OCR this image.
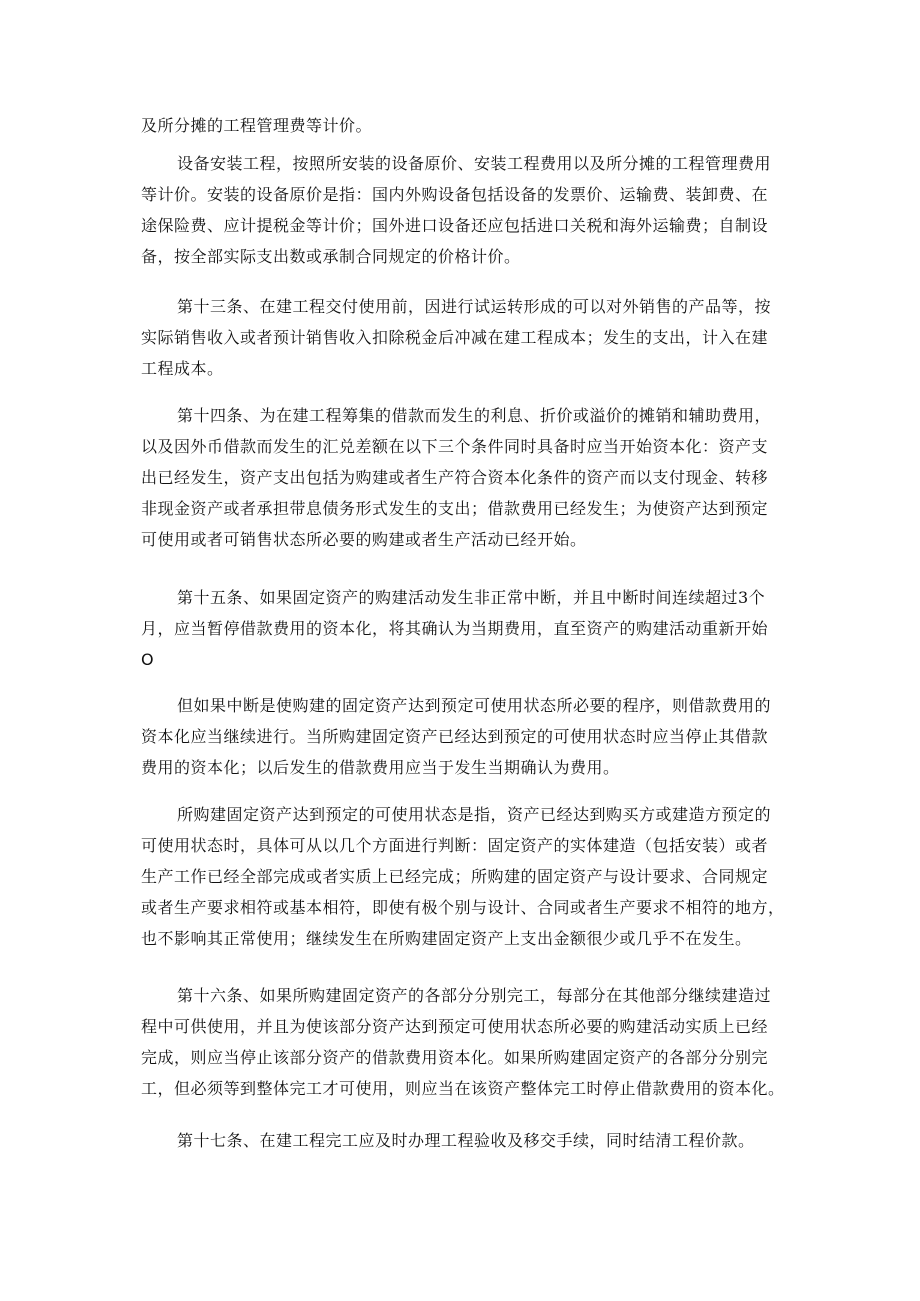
及所分摊的工程管理费等计价。

设备安装工程，按照所安装的设备原价、安装工程费用以及所分摊的工程管理费用
等计价。安装的设备原价是指：国内外购设备包括设备的发票价、运输费、装卸费、在
途保险费、应计提税金等计价；国外进口设备还应包括进口关税和海外运输费；自制设
备，按全部实际支出数或承制合同规定的价格计价。

第十三条、在建工程交付使用前，因进行试运转形成的可以对外销售的产品等，按
实际销售收入或者预计销售收入扣除税金后冲减在建工程成本；发生的支出，计入在建
工程成本。

第十四条、为在建工程筹集的借款而发生的利息、折价或溢价的摊销和辅助费用，
以及因外币借款而发生的汇兑差额在以下三个条件同时具备时应当开始资本化：资产支
出已经发生，资产支出包括为购建或者生产符合资本化条件的资产而以支付现金、转移
非现金资产或者承担带息债务形式发生的支出；借款费用已经发生；为使资产达到预定
可使用或者可销售状态所必要的购建或者生产活动已经开始。

第十五条、如果固定资产的购建活动发生非正常中断，并且中断时间连续超过3个
月，应当暂停借款费用的资本化，将其确认为当期费用，直至资产的购建活动重新开始
O

但如果中断是使购建的固定资产达到预定可使用状态所必要的程序，则借款费用的
资本化应当继续进行。当所购建固定资产已经达到预定的可使用状态时应当停止其借款
费用的资本化；以后发生的借款费用应当于发生当期确认为费用。

所购建固定资产达到预定的可使用状态是指，资产已经达到购买方或建造方预定的
可使用状态时，具体可从以几个方面进行判断：固定资产的实体建造（包括安装）或者
生产工作已经全部完成或者实质上已经完成；所购建的固定资产与设计要求、合同规定
或者生产要求相符或基本相符，即使有极个别与设计、合同或者生产要求不相符的地方，
也不影响其正常使用；继续发生在所购建固定资产上支出金额很少或几乎不在发生。

第十六条、如果所购建固定资产的各部分分别完工，每部分在其他部分继续建造过
程中可供使用，并且为使该部分资产达到预定可使用状态所必要的购建活动实质上已经
完成，则应当停止该部分资产的借款费用资本化。如果所购建固定资产的各部分分别完
工，但必须等到整体完工才可使用，则应当在该资产整体完工时停止借款费用的资本化。

第十七条、在建工程完工应及时办理工程验收及移交手续，同时结清工程价款。
